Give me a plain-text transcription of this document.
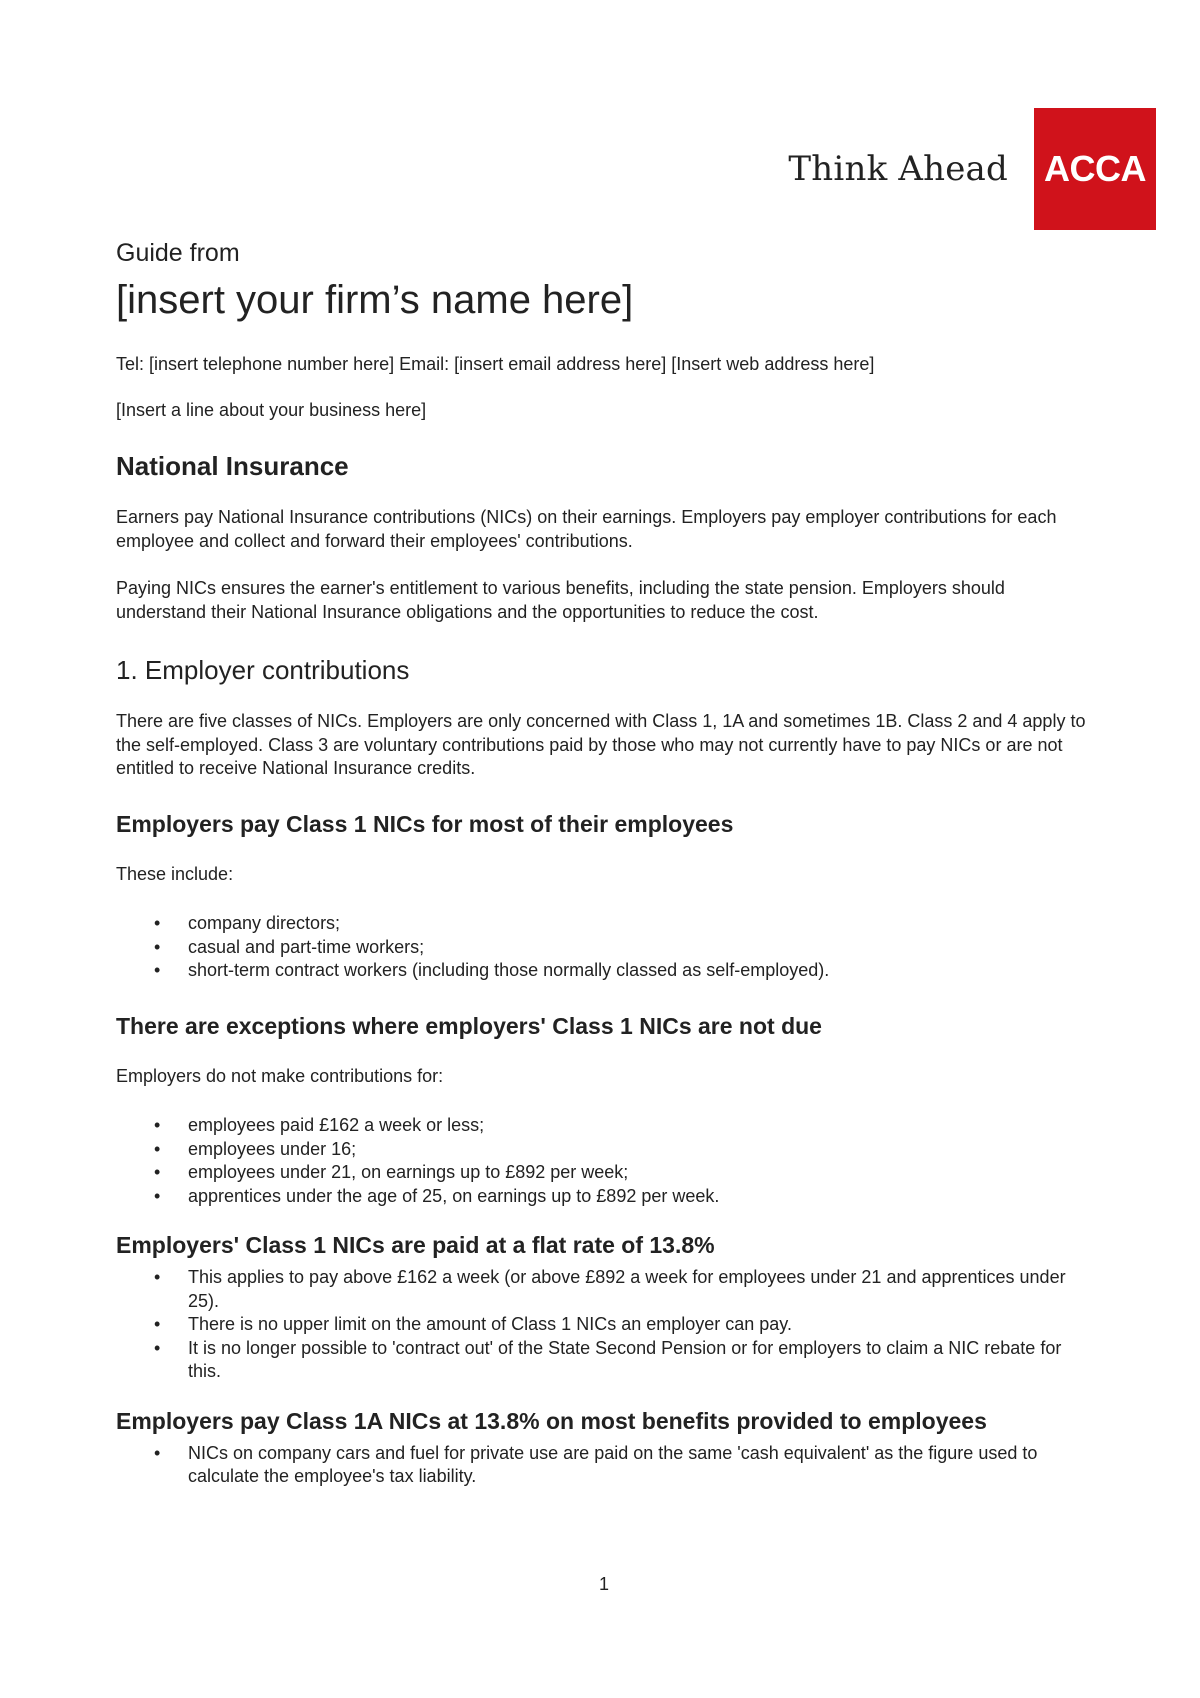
Think Ahead ACCA

Guide from

[insert your firm’s name here]

Tel: [insert telephone number here] Email: [insert email address here] [Insert web address here]

[Insert a line about your business here]

National Insurance

Earners pay National Insurance contributions (NICs) on their earnings. Employers pay employer contributions for each employee and collect and forward their employees' contributions.

Paying NICs ensures the earner's entitlement to various benefits, including the state pension. Employers should understand their National Insurance obligations and the opportunities to reduce the cost.

1. Employer contributions

There are five classes of NICs. Employers are only concerned with Class 1, 1A and sometimes 1B. Class 2 and 4 apply to the self-employed. Class 3 are voluntary contributions paid by those who may not currently have to pay NICs or are not entitled to receive National Insurance credits.

Employers pay Class 1 NICs for most of their employees

These include:

• company directors;
• casual and part-time workers;
• short-term contract workers (including those normally classed as self-employed).
There are exceptions where employers' Class 1 NICs are not due

Employers do not make contributions for:

• employees paid £162 a week or less;
• employees under 16;
• employees under 21, on earnings up to £892 per week;
• apprentices under the age of 25, on earnings up to £892 per week.
Employers' Class 1 NICs are paid at a flat rate of 13.8%
• This applies to pay above £162 a week (or above £892 a week for employees under 21 and apprentices under 25).
• There is no upper limit on the amount of Class 1 NICs an employer can pay.
• It is no longer possible to 'contract out' of the State Second Pension or for employers to claim a NIC rebate for this.
Employers pay Class 1A NICs at 13.8% on most benefits provided to employees
• NICs on company cars and fuel for private use are paid on the same 'cash equivalent' as the figure used to calculate the employee's tax liability.
1
